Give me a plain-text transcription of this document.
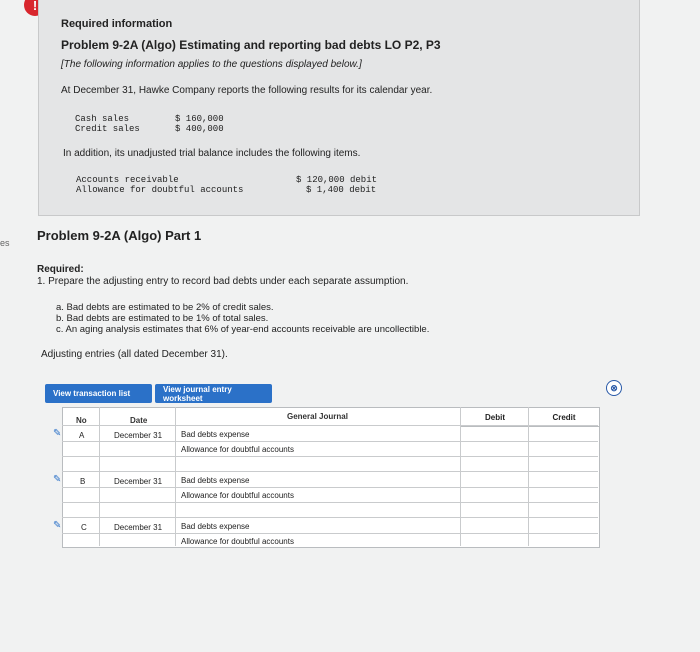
!
es
Required information
Problem 9-2A (Algo) Estimating and reporting bad debts LO P2, P3
[The following information applies to the questions displayed below.]
At December 31, Hawke Company reports the following results for its calendar year.
Cash sales	$ 160,000
Credit sales	$ 400,000
In addition, its unadjusted trial balance includes the following items.
Accounts receivable	$ 120,000 debit
Allowance for doubtful accounts	$ 1,400 debit
Problem 9-2A (Algo) Part 1
Required:
1. Prepare the adjusting entry to record bad debts under each separate assumption.
a. Bad debts are estimated to be 2% of credit sales.
b. Bad debts are estimated to be 1% of total sales.
c. An aging analysis estimates that 6% of year-end accounts receivable are uncollectible.
Adjusting entries (all dated December 31).
View transaction list	View journal entry worksheet
⊗
No	Date	General Journal	Debit	Credit
✎ A	December 31 Bad debts expense
Allowance for doubtful accounts
✎ B	December 31 Bad debts expense
Allowance for doubtful accounts
✎ C	December 31 Bad debts expense
Allowance for doubtful accounts
